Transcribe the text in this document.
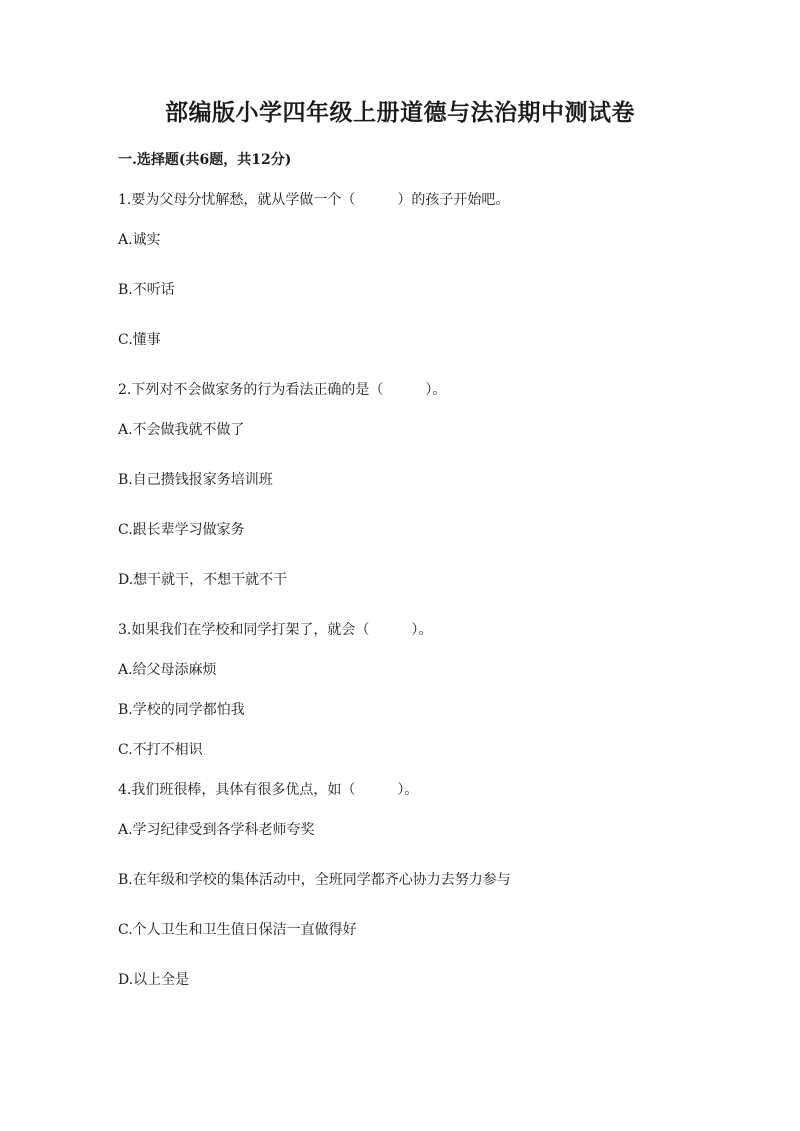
部编版小学四年级上册道德与法治期中测试卷
一.选择题(共6题，共12分)
1.要为父母分忧解愁，就从学做一个（　　　）的孩子开始吧。
A.诚实
B.不听话
C.懂事
2.下列对不会做家务的行为看法正确的是（　　　）。
A.不会做我就不做了
B.自己攒钱报家务培训班
C.跟长辈学习做家务
D.想干就干，不想干就不干
3.如果我们在学校和同学打架了，就会（　　　）。
A.给父母添麻烦
B.学校的同学都怕我
C.不打不相识
4.我们班很棒，具体有很多优点，如（　　　）。
A.学习纪律受到各学科老师夸奖
B.在年级和学校的集体活动中，全班同学都齐心协力去努力参与
C.个人卫生和卫生值日保洁一直做得好
D.以上全是
